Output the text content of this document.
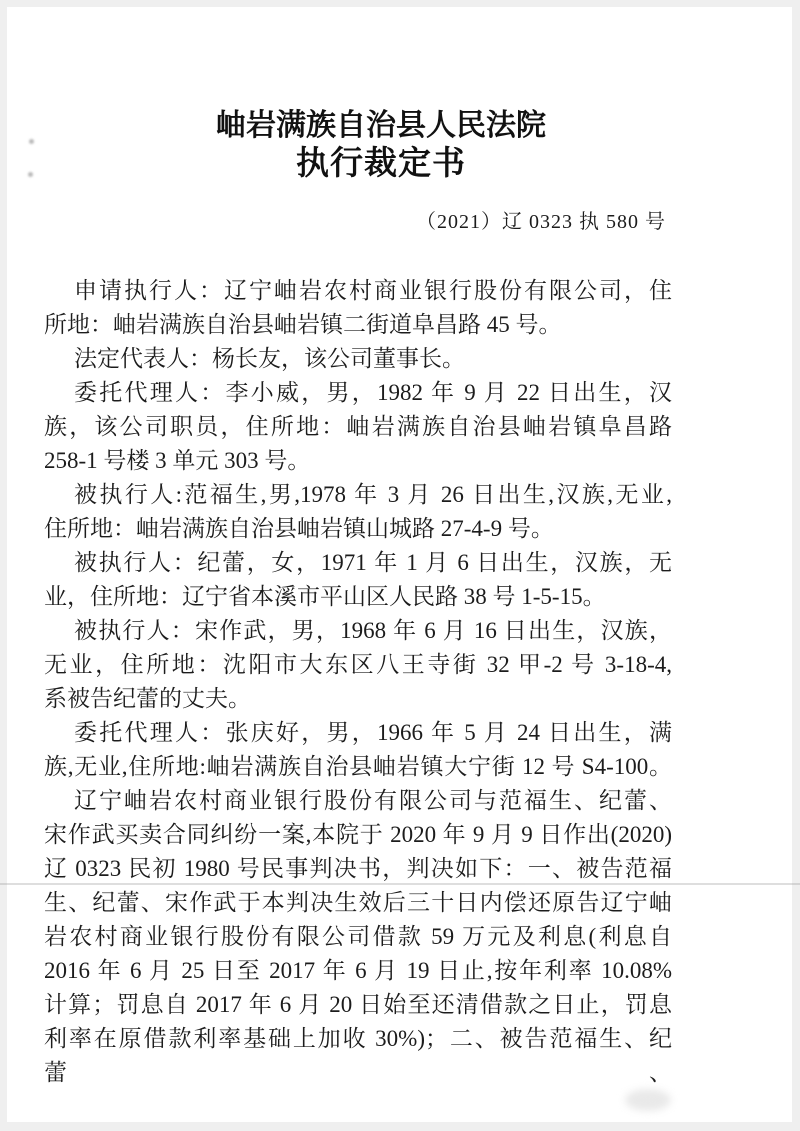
岫岩满族自治县人民法院
执行裁定书
（2021）辽 0323 执 580 号
申请执行人：辽宁岫岩农村商业银行股份有限公司，住
所地：岫岩满族自治县岫岩镇二街道阜昌路 45 号。
法定代表人：杨长友，该公司董事长。
委托代理人：李小威，男，1982 年 9 月 22 日出生，汉
族，该公司职员，住所地：岫岩满族自治县岫岩镇阜昌路
258-1 号楼 3 单元 303 号。
被执行人:范福生,男,1978 年 3 月 26 日出生,汉族,无业,
住所地：岫岩满族自治县岫岩镇山城路 27-4-9 号。
被执行人：纪蕾，女，1971 年 1 月 6 日出生，汉族，无
业，住所地：辽宁省本溪市平山区人民路 38 号 1-5-15。
被执行人：宋作武，男，1968 年 6 月 16 日出生，汉族，
无业，住所地：沈阳市大东区八王寺街 32 甲-2 号 3-18-4,
系被告纪蕾的丈夫。
委托代理人：张庆好，男，1966 年 5 月 24 日出生，满
族,无业,住所地:岫岩满族自治县岫岩镇大宁街 12 号 S4-100。
辽宁岫岩农村商业银行股份有限公司与范福生、纪蕾、
宋作武买卖合同纠纷一案,本院于 2020 年 9 月 9 日作出(2020)
辽 0323 民初 1980 号民事判决书，判决如下：一、被告范福
生、纪蕾、宋作武于本判决生效后三十日内偿还原告辽宁岫
岩农村商业银行股份有限公司借款 59 万元及利息(利息自
2016 年 6 月 25 日至 2017 年 6 月 19 日止,按年利率 10.08%
计算；罚息自 2017 年 6 月 20 日始至还清借款之日止，罚息
利率在原借款利率基础上加收 30%)；二、被告范福生、纪蕾、
